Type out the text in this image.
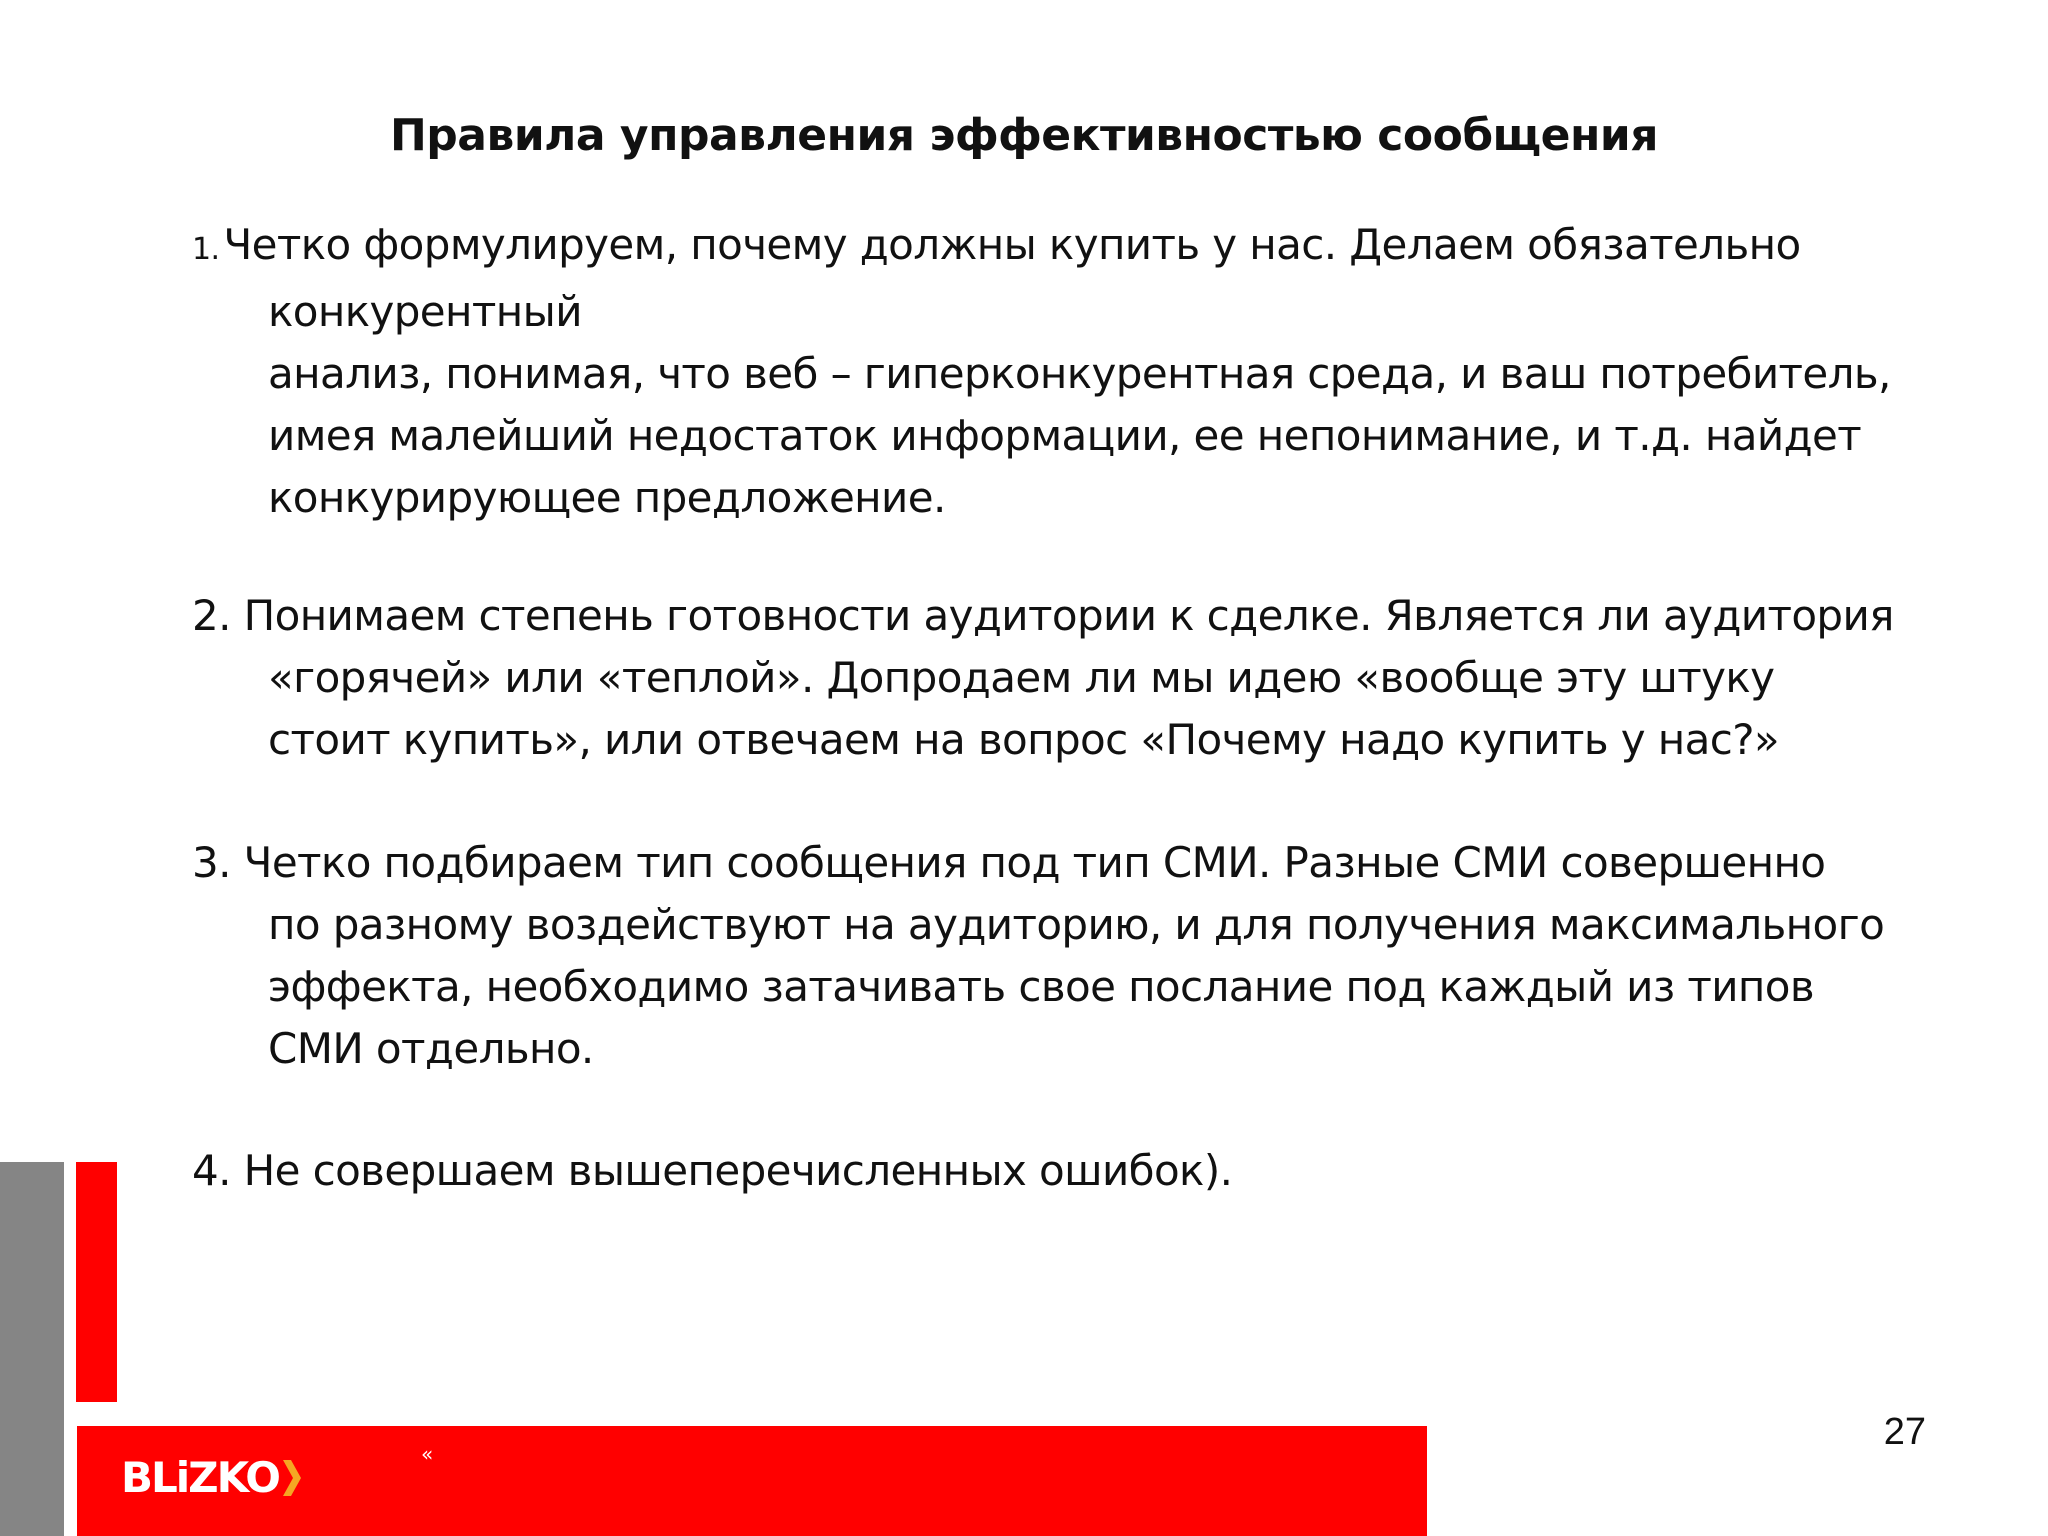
Правила управления эффективностью сообщения
1.Четко формулируем, почему должны купить у нас. Делаем обязательно
конкурентный
анализ, понимая, что веб – гиперконкурентная среда, и ваш потребитель,
имея малейший недостаток информации, ее непонимание, и т.д. найдет
конкурирующее предложение.
2. Понимаем степень готовности аудитории к сделке. Является ли аудитория
«горячей» или «теплой». Допродаем ли мы идею «вообще эту штуку
стоит купить», или отвечаем на вопрос «Почему надо купить у нас?»
3. Четко подбираем тип сообщения под тип СМИ. Разные СМИ совершенно
по разному воздействуют на аудиторию, и для получения максимального
эффекта, необходимо затачивать свое послание под каждый из типов
СМИ отдельно.
4. Не совершаем вышеперечисленных ошибок).
BLiZKO	«
27
